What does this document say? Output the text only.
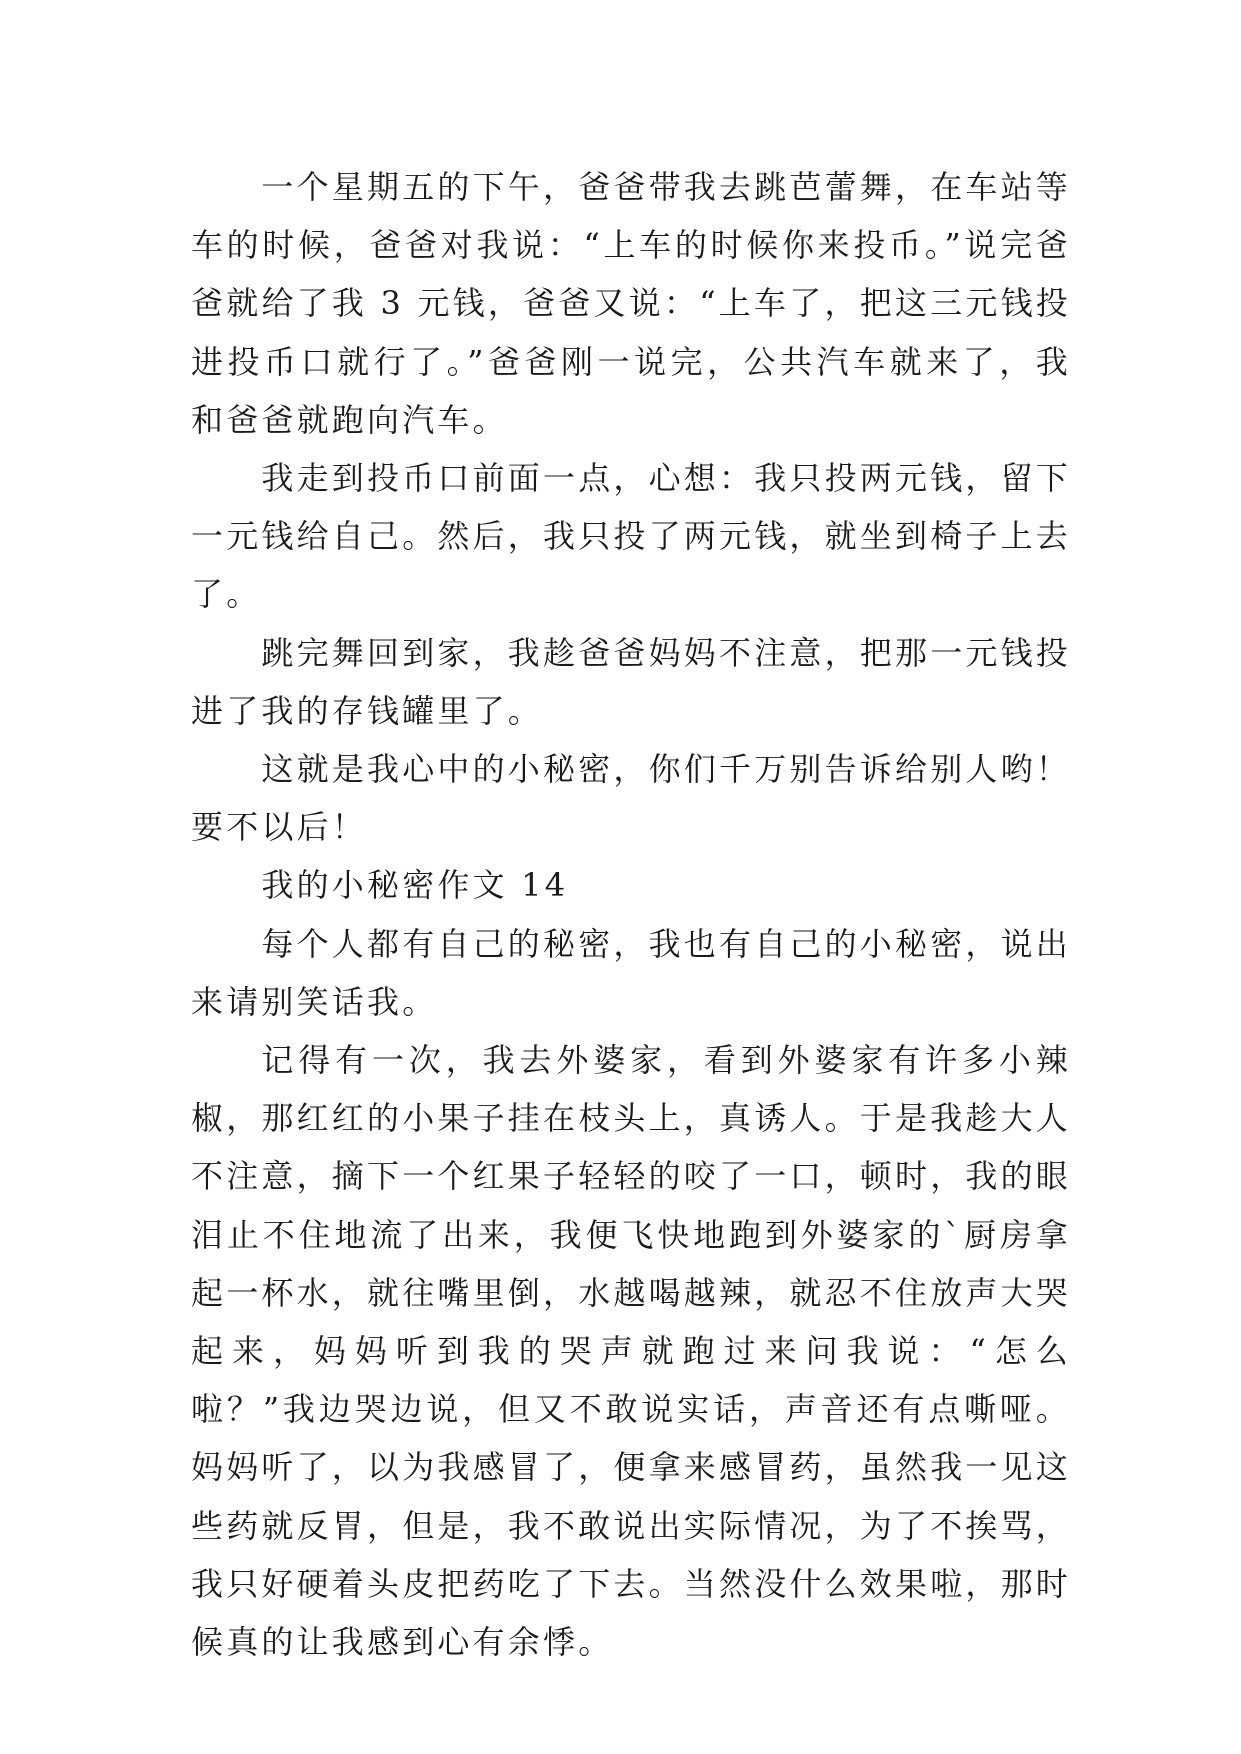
一个星期五的下午，爸爸带我去跳芭蕾舞，在车站等车的时候，爸爸对我说：“上车的时候你来投币。”说完爸爸就给了我 3 元钱，爸爸又说：“上车了，把这三元钱投进投币口就行了。”爸爸刚一说完，公共汽车就来了，我和爸爸就跑向汽车。

我走到投币口前面一点，心想：我只投两元钱，留下一元钱给自己。然后，我只投了两元钱，就坐到椅子上去了。

跳完舞回到家，我趁爸爸妈妈不注意，把那一元钱投进了我的存钱罐里了。

这就是我心中的小秘密，你们千万别告诉给别人哟！要不以后！

我的小秘密作文 14

每个人都有自己的秘密，我也有自己的小秘密，说出来请别笑话我。

记得有一次，我去外婆家，看到外婆家有许多小辣椒，那红红的小果子挂在枝头上，真诱人。于是我趁大人不注意，摘下一个红果子轻轻的咬了一口，顿时，我的眼泪止不住地流了出来，我便飞快地跑到外婆家的`厨房拿起一杯水，就往嘴里倒，水越喝越辣，就忍不住放声大哭起来，妈妈听到我的哭声就跑过来问我说：“怎么啦？”我边哭边说，但又不敢说实话，声音还有点嘶哑。妈妈听了，以为我感冒了，便拿来感冒药，虽然我一见这些药就反胃，但是，我不敢说出实际情况，为了不挨骂，我只好硬着头皮把药吃了下去。当然没什么效果啦，那时候真的让我感到心有余悸。
